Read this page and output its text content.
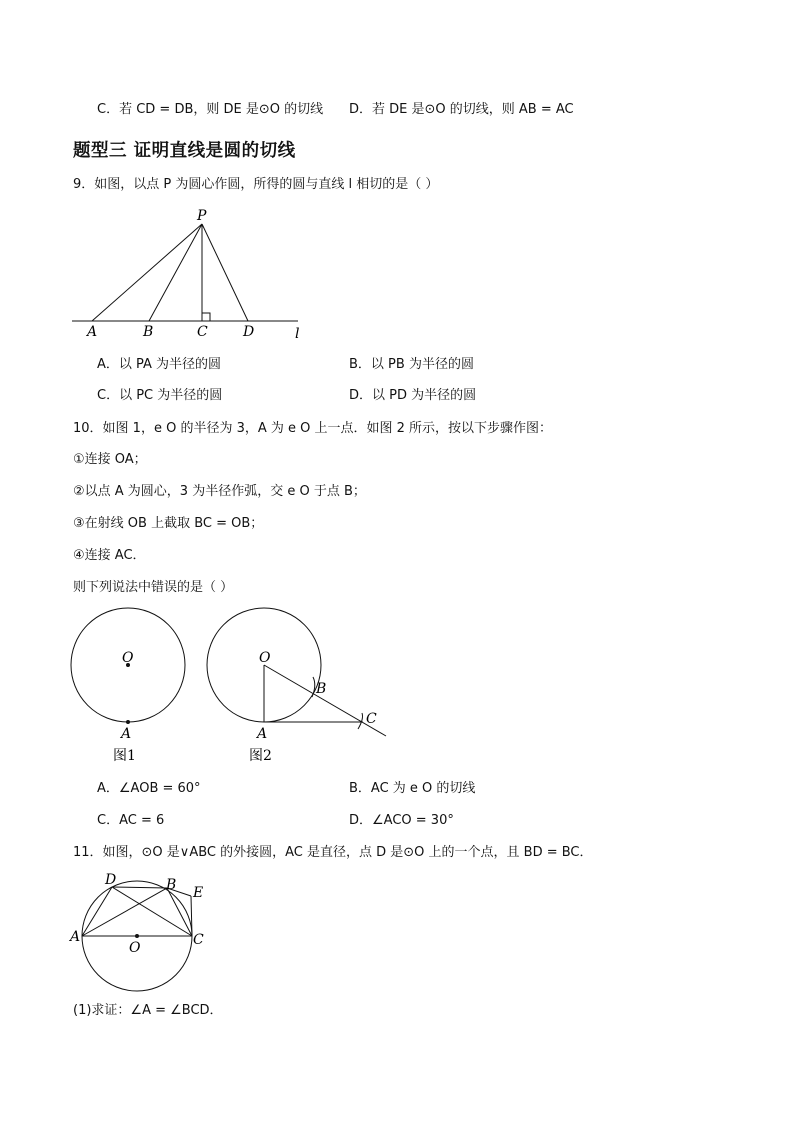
C．若 CD = DB，则 DE 是⊙O 的切线 D．若 DE 是⊙O 的切线，则 AB = AC
题型三 证明直线是圆的切线
9．如图，以点 P 为圆心作圆，所得的圆与直线 l 相切的是（ ）
P
A	B	C	D	l
A．以 PA 为半径的圆	B．以 PB 为半径的圆
C．以 PC 为半径的圆	D．以 PD 为半径的圆
10．如图 1，e O 的半径为 3，A 为 e O 上一点．如图 2 所示，按以下步骤作图：
①连接 OA；
②以点 A 为圆心，3 为半径作弧，交 e O 于点 B；
③在射线 OB 上截取 BC = OB；
④连接 AC．
则下列说法中错误的是（ ）
O
A
图1
O
A
B
C
图2
A．∠AOB = 60°	B．AC 为 e O 的切线
C．AC = 6	D．∠ACO = 30°
11．如图，⊙O 是∨ABC 的外接圆，AC 是直径，点 D 是⊙O 上的一个点，且 BD = BC．
D	B E
A	C
O
(1)求证：∠A = ∠BCD．
